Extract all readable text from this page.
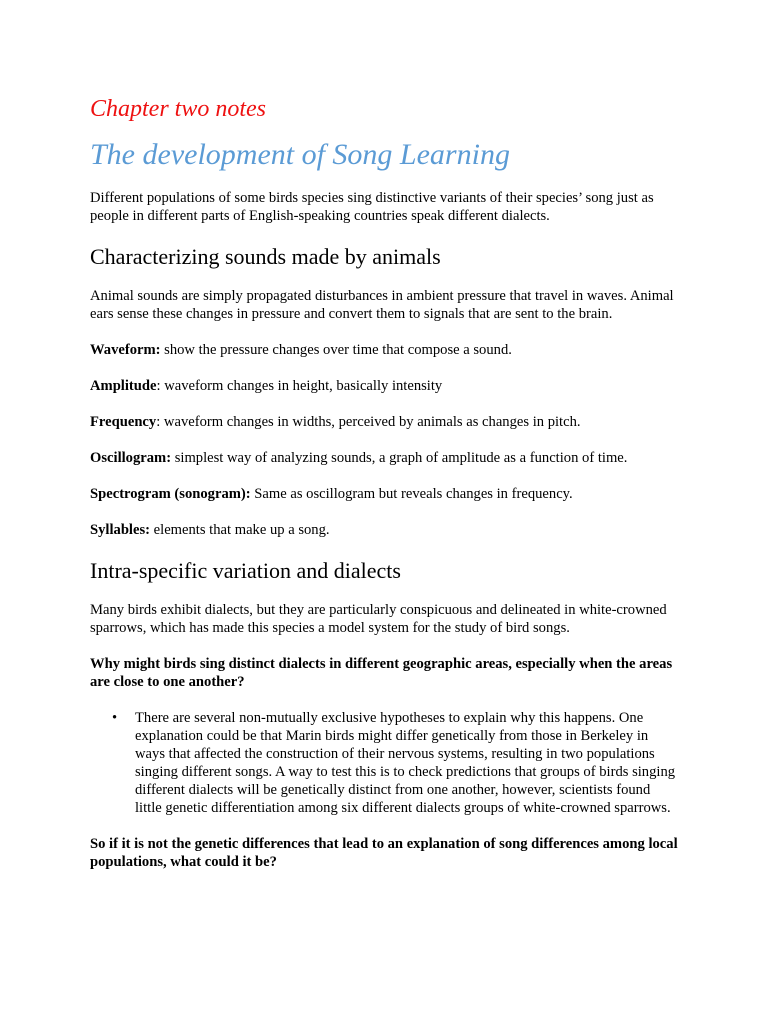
Chapter two notes
The development of Song Learning

Different populations of some birds species sing distinctive variants of their species’ song just as people in different parts of English-speaking countries speak different dialects.

Characterizing sounds made by animals

Animal sounds are simply propagated disturbances in ambient pressure that travel in waves. Animal ears sense these changes in pressure and convert them to signals that are sent to the brain.

Waveform: show the pressure changes over time that compose a sound.

Amplitude: waveform changes in height, basically intensity

Frequency: waveform changes in widths, perceived by animals as changes in pitch.

Oscillogram: simplest way of analyzing sounds, a graph of amplitude as a function of time.

Spectrogram (sonogram): Same as oscillogram but reveals changes in frequency.

Syllables: elements that make up a song.

Intra-specific variation and dialects

Many birds exhibit dialects, but they are particularly conspicuous and delineated in white-crowned sparrows, which has made this species a model system for the study of bird songs.

Why might birds sing distinct dialects in different geographic areas, especially when the areas are close to one another?

• There are several non-mutually exclusive hypotheses to explain why this happens. One explanation could be that Marin birds might differ genetically from those in Berkeley in ways that affected the construction of their nervous systems, resulting in two populations singing different songs. A way to test this is to check predictions that groups of birds singing different dialects will be genetically distinct from one another, however, scientists found little genetic differentiation among six different dialects groups of white-crowned sparrows.

So if it is not the genetic differences that lead to an explanation of song differences among local populations, what could it be?
